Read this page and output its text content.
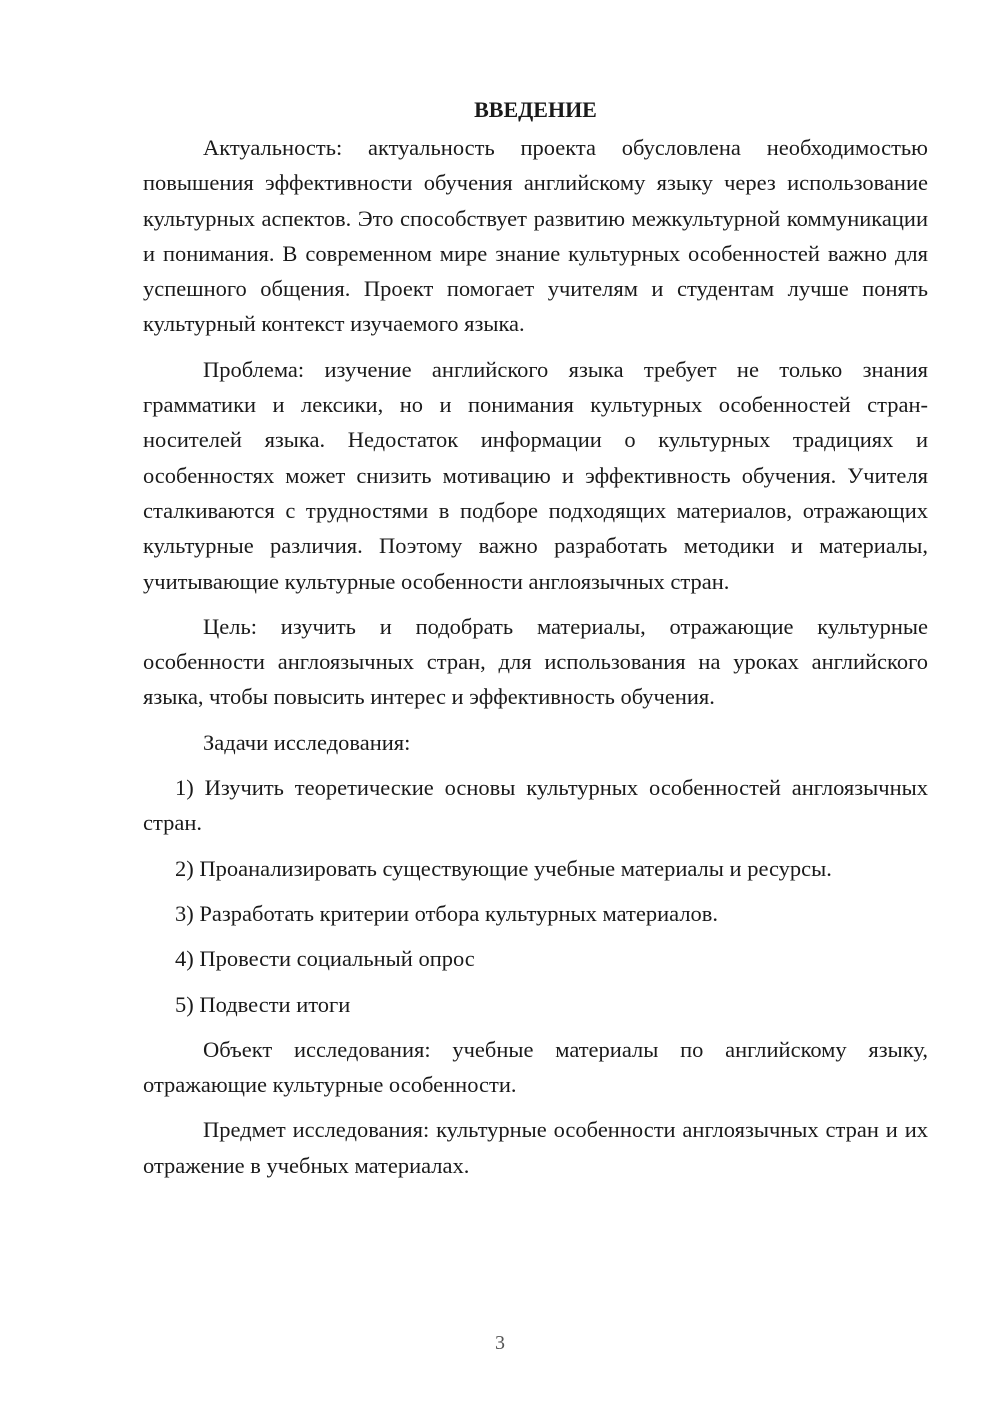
ВВЕДЕНИЕ

Актуальность: актуальность проекта обусловлена необходимостью повышения эффективности обучения английскому языку через использование культурных аспектов. Это способствует развитию межкультурной коммуникации и понимания. В современном мире знание культурных особенностей важно для успешного общения. Проект помогает учителям и студентам лучше понять культурный контекст изучаемого языка.

Проблема: изучение английского языка требует не только знания грамматики и лексики, но и понимания культурных особенностей стран-носителей языка. Недостаток информации о культурных традициях и особенностях может снизить мотивацию и эффективность обучения. Учителя сталкиваются с трудностями в подборе подходящих материалов, отражающих культурные различия. Поэтому важно разработать методики и материалы, учитывающие культурные особенности англоязычных стран.

Цель: изучить и подобрать материалы, отражающие культурные особенности англоязычных стран, для использования на уроках английского языка, чтобы повысить интерес и эффективность обучения.

Задачи исследования:

1) Изучить теоретические основы культурных особенностей англоязычных стран.

2) Проанализировать существующие учебные материалы и ресурсы.

3) Разработать критерии отбора культурных материалов.

4) Провести социальный опрос

5) Подвести итоги

Объект исследования: учебные материалы по английскому языку, отражающие культурные особенности.

Предмет исследования: культурные особенности англоязычных стран и их отражение в учебных материалах.

3
